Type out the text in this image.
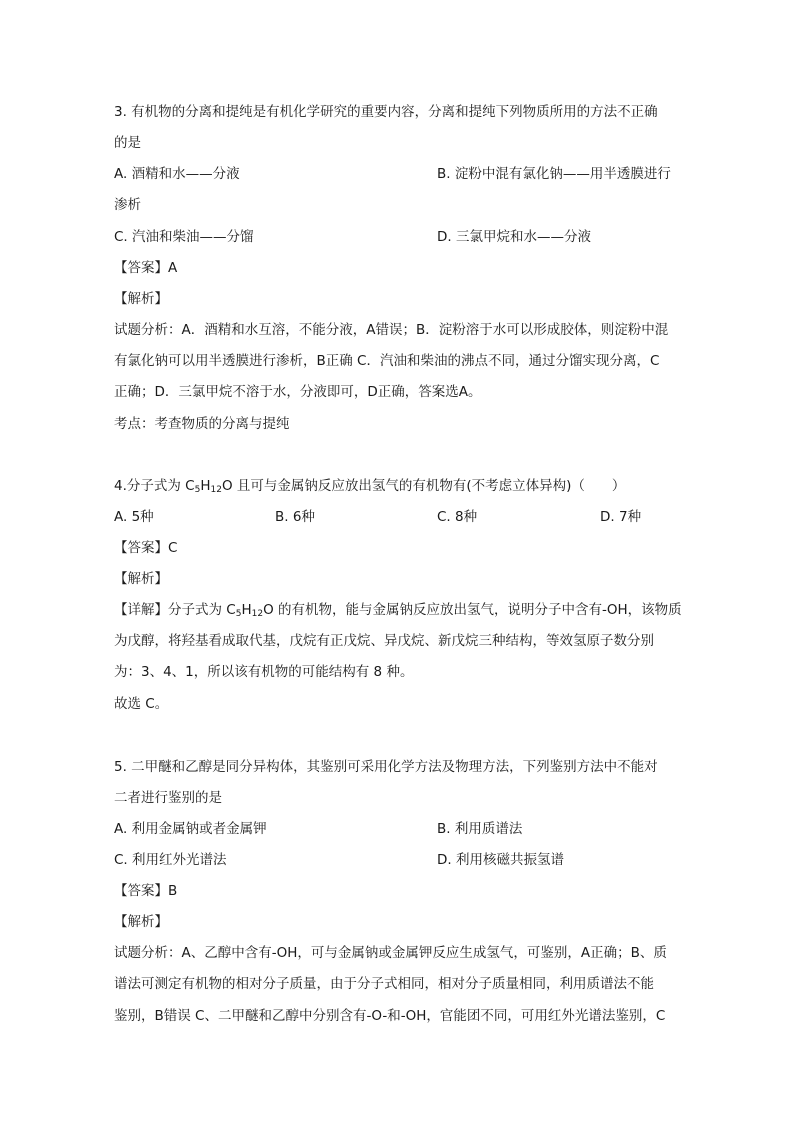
3. 有机物的分离和提纯是有机化学研究的重要内容，分离和提纯下列物质所用的方法不正确
的是
A. 酒精和水——分液	B. 淀粉中混有氯化钠——用半透膜进行
渗析
C. 汽油和柴油——分馏	D. 三氯甲烷和水——分液
【答案】A
【解析】
试题分析：A．酒精和水互溶，不能分液，A错误；B．淀粉溶于水可以形成胶体，则淀粉中混
有氯化钠可以用半透膜进行渗析，B正确 C．汽油和柴油的沸点不同，通过分馏实现分离，C
正确；D．三氯甲烷不溶于水，分液即可，D正确，答案选A。
考点：考查物质的分离与提纯
4.分子式为 $C_5H_{12}O$ 且可与金属钠反应放出氢气的有机物有(不考虑立体异构)（　　）
A. 5种	B. 6种	C. 8种	D. 7种
【答案】C
【解析】
【详解】分子式为 $C_5H_{12}O$ 的有机物，能与金属钠反应放出氢气，说明分子中含有-OH，该物质
为戊醇，将羟基看成取代基，戊烷有正戊烷、异戊烷、新戊烷三种结构，等效氢原子数分别
为：3、4、1，所以该有机物的可能结构有 8 种。
故选 C。
5. 二甲醚和乙醇是同分异构体，其鉴别可采用化学方法及物理方法，下列鉴别方法中不能对
二者进行鉴别的是
A. 利用金属钠或者金属钾	B. 利用质谱法
C. 利用红外光谱法	D. 利用核磁共振氢谱
【答案】B
【解析】
试题分析：A、乙醇中含有-OH，可与金属钠或金属钾反应生成氢气，可鉴别，A正确；B、质
谱法可测定有机物的相对分子质量，由于分子式相同，相对分子质量相同，利用质谱法不能
鉴别，B错误 C、二甲醚和乙醇中分别含有-O-和-OH，官能团不同，可用红外光谱法鉴别，C
